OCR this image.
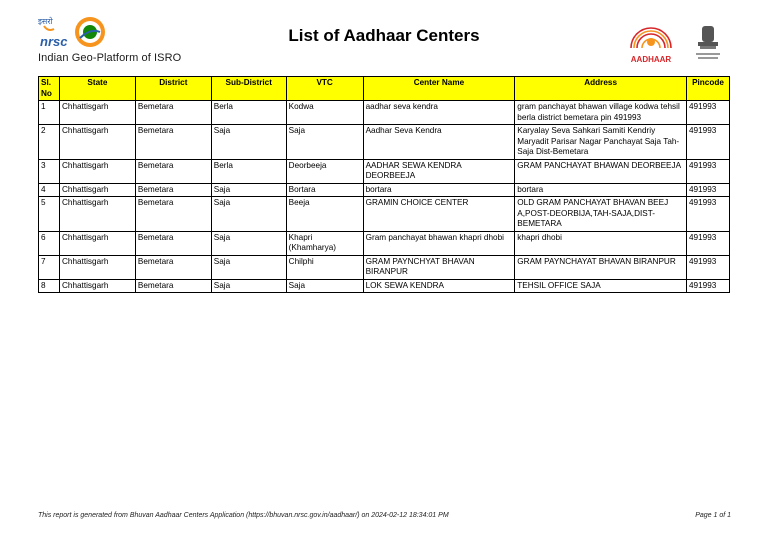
इसरो
nrsc
Indian Geo-Platform of ISRO
List of Aadhaar Centers
AADHAAR
Sl. No	State	District	Sub-District	VTC	Center Name	Address	Pincode
1	Chhattisgarh	Bemetara	Berla	Kodwa	aadhar seva kendra	gram panchayat bhawan village kodwa tehsil berla district bemetara pin 491993	491993
2	Chhattisgarh	Bemetara	Saja	Saja	Aadhar Seva Kendra	Karyalay Seva Sahkari Samiti Kendriy Maryadit Parisar Nagar Panchayat Saja Tah-Saja Dist-Bemetara	491993
3	Chhattisgarh	Bemetara	Berla	Deorbeeja	AADHAR SEWA KENDRA DEORBEEJA	GRAM PANCHAYAT BHAWAN DEORBEEJA	491993
4	Chhattisgarh	Bemetara	Saja	Bortara	bortara	bortara	491993
5	Chhattisgarh	Bemetara	Saja	Beeja	GRAMIN CHOICE CENTER	OLD GRAM PANCHAYAT BHAVAN BEEJ A,POST-DEORBIJA,TAH-SAJA,DIST-BEMETARA	491993
6	Chhattisgarh	Bemetara	Saja	Khapri (Khamharya)	Gram panchayat bhawan khapri dhobi	khapri dhobi	491993
7	Chhattisgarh	Bemetara	Saja	Chilphi	GRAM PAYNCHYAT BHAVAN BIRANPUR	GRAM PAYNCHAYAT BHAVAN BIRANPUR	491993
8	Chhattisgarh	Bemetara	Saja	Saja	LOK SEWA KENDRA	TEHSIL OFFICE SAJA	491993
This report is generated from Bhuvan Aadhaar Centers Application (https://bhuvan.nrsc.gov.in/aadhaar/) on 2024-02-12 18:34:01 PM	Page 1 of 1
